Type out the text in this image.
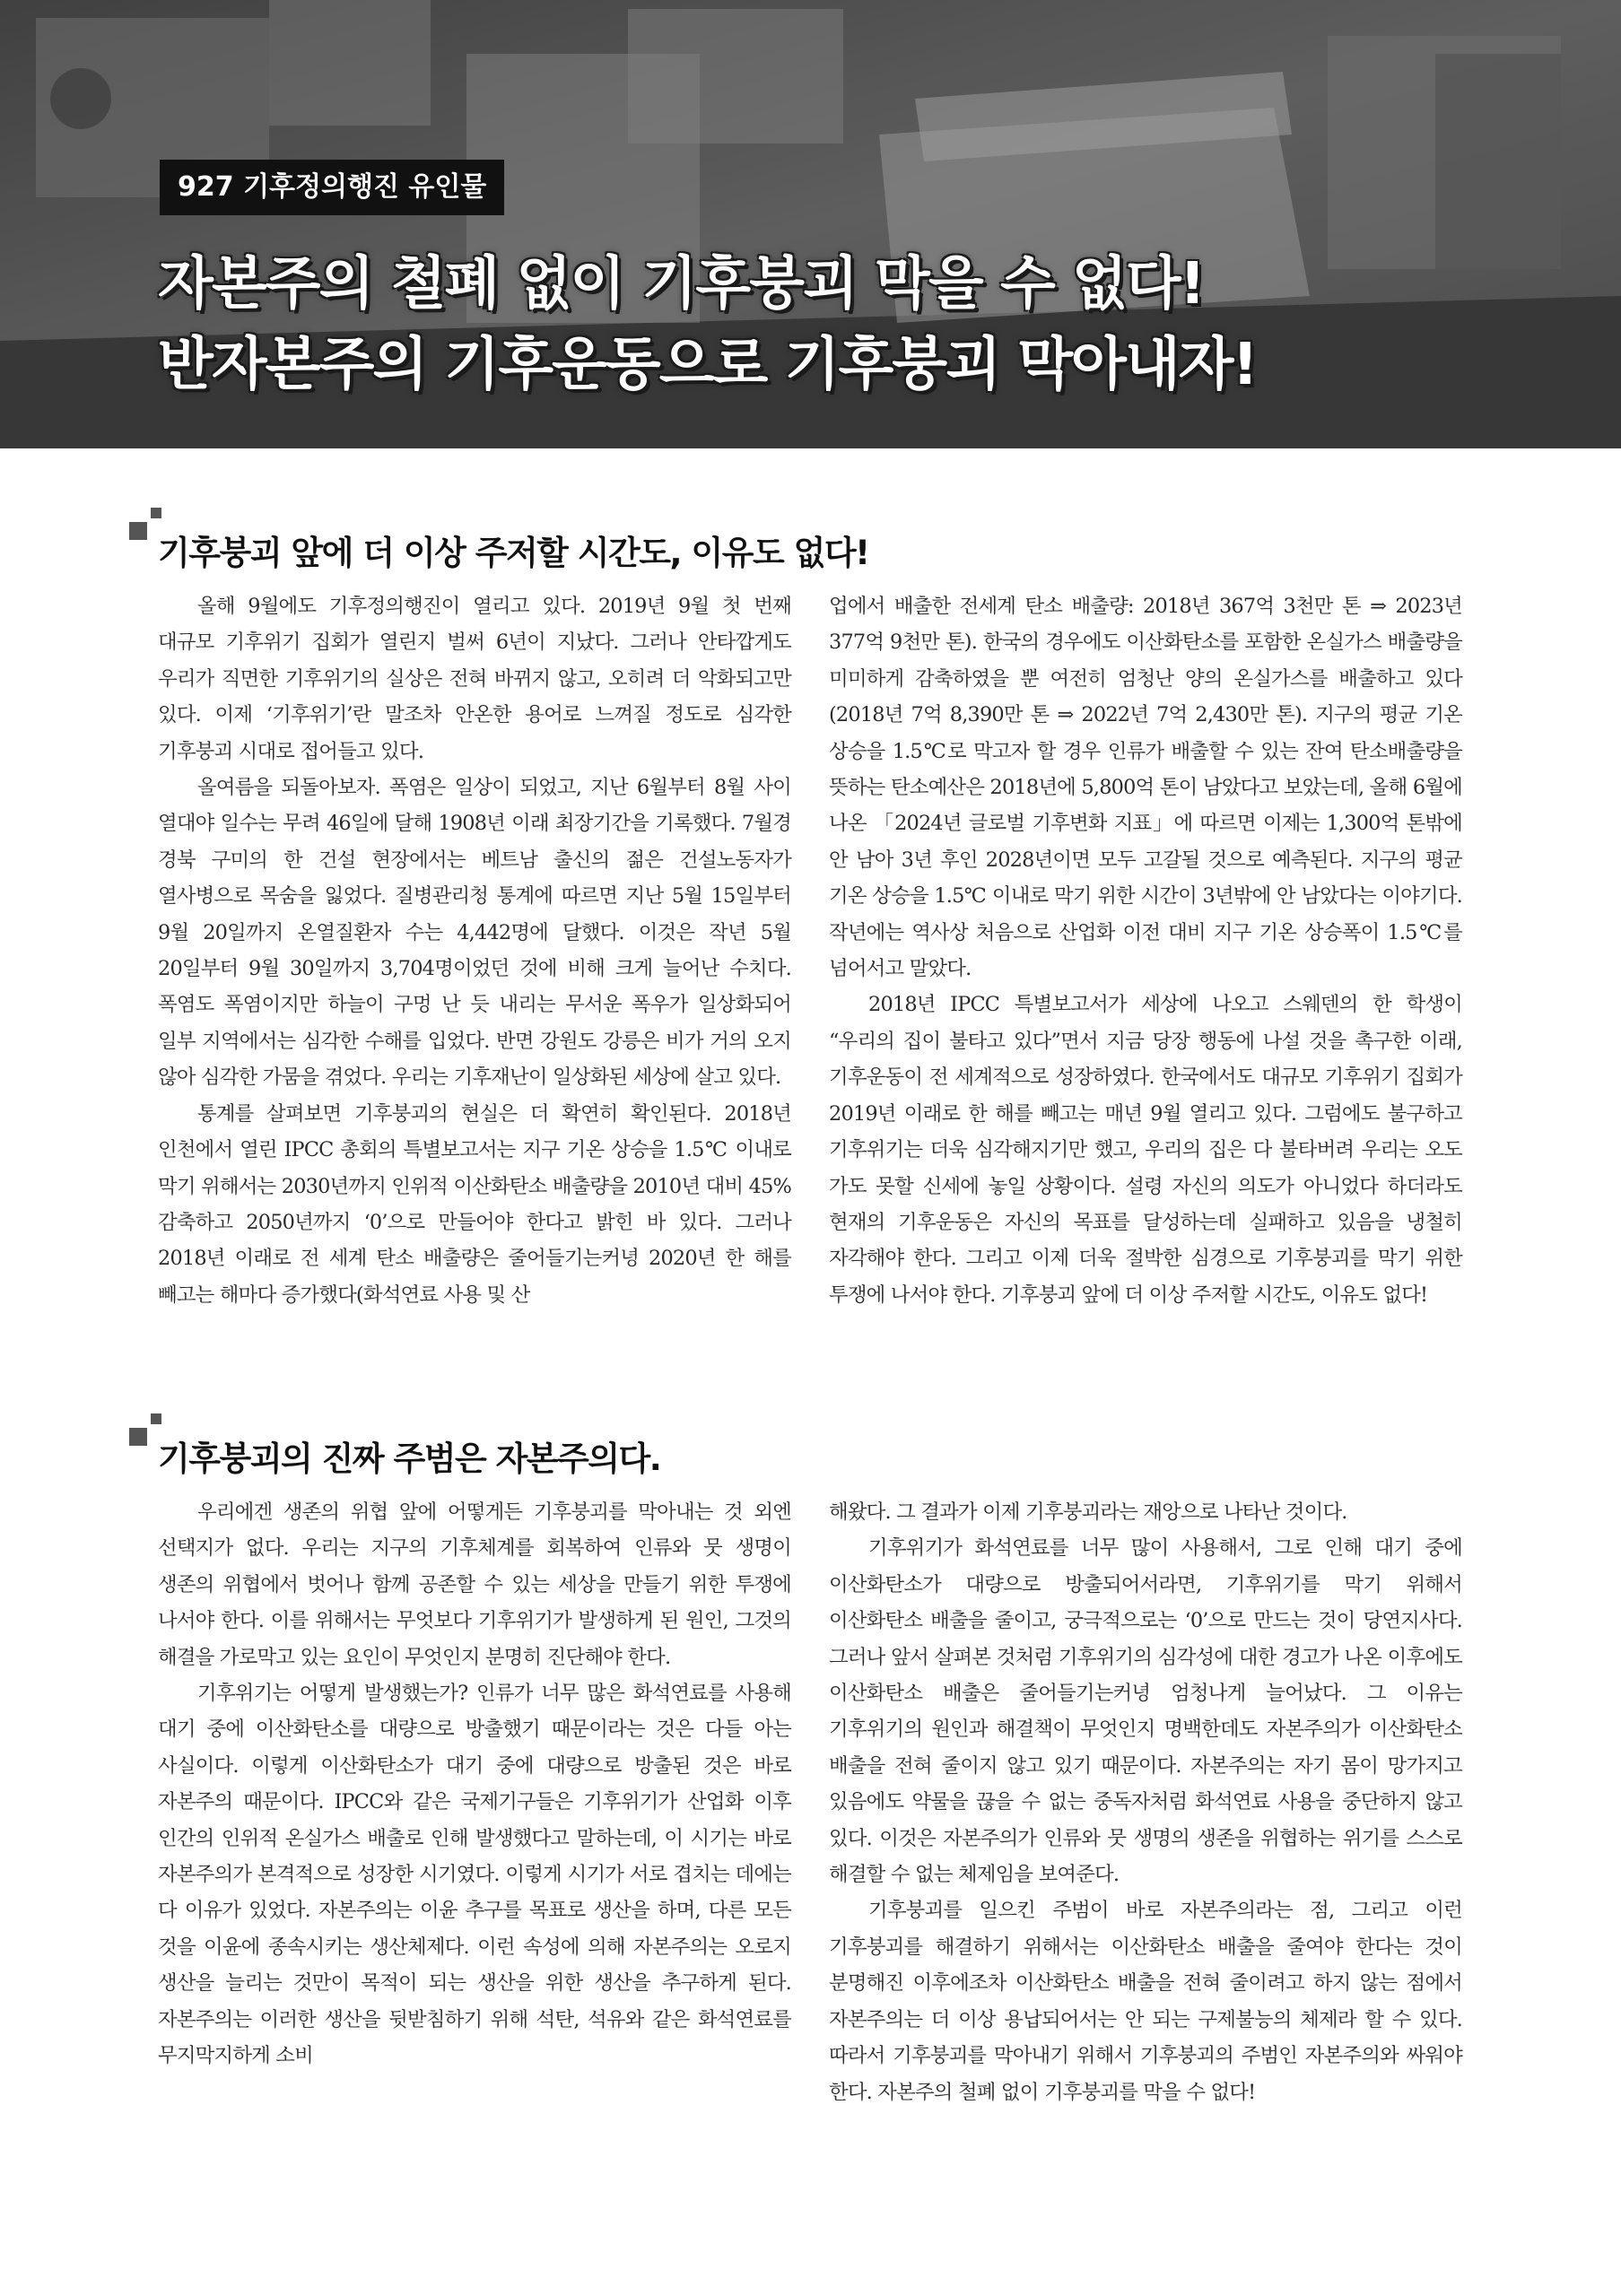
927 기후정의행진 유인물
자본주의 철폐 없이 기후붕괴 막을 수 없다!
반자본주의 기후운동으로 기후붕괴 막아내자!
기후붕괴 앞에 더 이상 주저할 시간도, 이유도 없다!

올해 9월에도 기후정의행진이 열리고 있다. 2019년 9월 첫 번째 대규모 기후위기 집회가 열린지 벌써 6년이 지났다. 그러나 안타깝게도 우리가 직면한 기후위기의 실상은 전혀 바뀌지 않고, 오히려 더 악화되고만 있다. 이제 ‘기후위기’란 말조차 안온한 용어로 느껴질 정도로 심각한 기후붕괴 시대로 접어들고 있다.

올여름을 되돌아보자. 폭염은 일상이 되었고, 지난 6월부터 8월 사이 열대야 일수는 무려 46일에 달해 1908년 이래 최장기간을 기록했다. 7월경 경북 구미의 한 건설 현장에서는 베트남 출신의 젊은 건설노동자가 열사병으로 목숨을 잃었다. 질병관리청 통계에 따르면 지난 5월 15일부터 9월 20일까지 온열질환자 수는 4,442명에 달했다. 이것은 작년 5월 20일부터 9월 30일까지 3,704명이었던 것에 비해 크게 늘어난 수치다. 폭염도 폭염이지만 하늘이 구멍 난 듯 내리는 무서운 폭우가 일상화되어 일부 지역에서는 심각한 수해를 입었다. 반면 강원도 강릉은 비가 거의 오지 않아 심각한 가뭄을 겪었다. 우리는 기후재난이 일상화된 세상에 살고 있다.

통계를 살펴보면 기후붕괴의 현실은 더 확연히 확인된다. 2018년 인천에서 열린 IPCC 총회의 특별보고서는 지구 기온 상승을 1.5℃ 이내로 막기 위해서는 2030년까지 인위적 이산화탄소 배출량을 2010년 대비 45% 감축하고 2050년까지 ‘0’으로 만들어야 한다고 밝힌 바 있다. 그러나 2018년 이래로 전 세계 탄소 배출량은 줄어들기는커녕 2020년 한 해를 빼고는 해마다 증가했다(화석연료 사용 및 산

업에서 배출한 전세계 탄소 배출량: 2018년 367억 3천만 톤 ⇒ 2023년 377억 9천만 톤). 한국의 경우에도 이산화탄소를 포함한 온실가스 배출량을 미미하게 감축하였을 뿐 여전히 엄청난 양의 온실가스를 배출하고 있다(2018년 7억 8,390만 톤 ⇒ 2022년 7억 2,430만 톤). 지구의 평균 기온 상승을 1.5℃로 막고자 할 경우 인류가 배출할 수 있는 잔여 탄소배출량을 뜻하는 탄소예산은 2018년에 5,800억 톤이 남았다고 보았는데, 올해 6월에 나온 「2024년 글로벌 기후변화 지표」에 따르면 이제는 1,300억 톤밖에 안 남아 3년 후인 2028년이면 모두 고갈될 것으로 예측된다. 지구의 평균 기온 상승을 1.5℃ 이내로 막기 위한 시간이 3년밖에 안 남았다는 이야기다. 작년에는 역사상 처음으로 산업화 이전 대비 지구 기온 상승폭이 1.5℃를 넘어서고 말았다.

2018년 IPCC 특별보고서가 세상에 나오고 스웨덴의 한 학생이 “우리의 집이 불타고 있다”면서 지금 당장 행동에 나설 것을 촉구한 이래, 기후운동이 전 세계적으로 성장하였다. 한국에서도 대규모 기후위기 집회가 2019년 이래로 한 해를 빼고는 매년 9월 열리고 있다. 그럼에도 불구하고 기후위기는 더욱 심각해지기만 했고, 우리의 집은 다 불타버려 우리는 오도 가도 못할 신세에 놓일 상황이다. 설령 자신의 의도가 아니었다 하더라도 현재의 기후운동은 자신의 목표를 달성하는데 실패하고 있음을 냉철히 자각해야 한다. 그리고 이제 더욱 절박한 심경으로 기후붕괴를 막기 위한 투쟁에 나서야 한다. 기후붕괴 앞에 더 이상 주저할 시간도, 이유도 없다!

기후붕괴의 진짜 주범은 자본주의다.

우리에겐 생존의 위협 앞에 어떻게든 기후붕괴를 막아내는 것 외엔 선택지가 없다. 우리는 지구의 기후체계를 회복하여 인류와 뭇 생명이 생존의 위협에서 벗어나 함께 공존할 수 있는 세상을 만들기 위한 투쟁에 나서야 한다. 이를 위해서는 무엇보다 기후위기가 발생하게 된 원인, 그것의 해결을 가로막고 있는 요인이 무엇인지 분명히 진단해야 한다.

기후위기는 어떻게 발생했는가? 인류가 너무 많은 화석연료를 사용해 대기 중에 이산화탄소를 대량으로 방출했기 때문이라는 것은 다들 아는 사실이다. 이렇게 이산화탄소가 대기 중에 대량으로 방출된 것은 바로 자본주의 때문이다. IPCC와 같은 국제기구들은 기후위기가 산업화 이후 인간의 인위적 온실가스 배출로 인해 발생했다고 말하는데, 이 시기는 바로 자본주의가 본격적으로 성장한 시기였다. 이렇게 시기가 서로 겹치는 데에는 다 이유가 있었다. 자본주의는 이윤 추구를 목표로 생산을 하며, 다른 모든 것을 이윤에 종속시키는 생산체제다. 이런 속성에 의해 자본주의는 오로지 생산을 늘리는 것만이 목적이 되는 생산을 위한 생산을 추구하게 된다. 자본주의는 이러한 생산을 뒷받침하기 위해 석탄, 석유와 같은 화석연료를 무지막지하게 소비

해왔다. 그 결과가 이제 기후붕괴라는 재앙으로 나타난 것이다.

기후위기가 화석연료를 너무 많이 사용해서, 그로 인해 대기 중에 이산화탄소가 대량으로 방출되어서라면, 기후위기를 막기 위해서 이산화탄소 배출을 줄이고, 궁극적으로는 ‘0’으로 만드는 것이 당연지사다. 그러나 앞서 살펴본 것처럼 기후위기의 심각성에 대한 경고가 나온 이후에도 이산화탄소 배출은 줄어들기는커녕 엄청나게 늘어났다. 그 이유는 기후위기의 원인과 해결책이 무엇인지 명백한데도 자본주의가 이산화탄소 배출을 전혀 줄이지 않고 있기 때문이다. 자본주의는 자기 몸이 망가지고 있음에도 약물을 끊을 수 없는 중독자처럼 화석연료 사용을 중단하지 않고 있다. 이것은 자본주의가 인류와 뭇 생명의 생존을 위협하는 위기를 스스로 해결할 수 없는 체제임을 보여준다.

기후붕괴를 일으킨 주범이 바로 자본주의라는 점, 그리고 이런 기후붕괴를 해결하기 위해서는 이산화탄소 배출을 줄여야 한다는 것이 분명해진 이후에조차 이산화탄소 배출을 전혀 줄이려고 하지 않는 점에서 자본주의는 더 이상 용납되어서는 안 되는 구제불능의 체제라 할 수 있다. 따라서 기후붕괴를 막아내기 위해서 기후붕괴의 주범인 자본주의와 싸워야 한다. 자본주의 철폐 없이 기후붕괴를 막을 수 없다!
